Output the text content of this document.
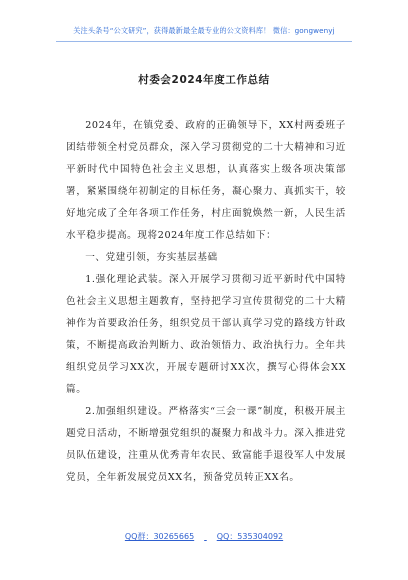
关注头条号“公文研究”，获得最新最全最专业的公文资料库！ 微信：gongwenyj
村委会2024年度工作总结

2024年，在镇党委、政府的正确领导下，XX村两委班子团结带领全村党员群众，深入学习贯彻党的二十大精神和习近平新时代中国特色社会主义思想，认真落实上级各项决策部署，紧紧围绕年初制定的目标任务，凝心聚力、真抓实干，较好地完成了全年各项工作任务，村庄面貌焕然一新，人民生活水平稳步提高。现将2024年度工作总结如下：

一、党建引领，夯实基层基础

1.强化理论武装。深入开展学习贯彻习近平新时代中国特色社会主义思想主题教育，坚持把学习宣传贯彻党的二十大精神作为首要政治任务，组织党员干部认真学习党的路线方针政策，不断提高政治判断力、政治领悟力、政治执行力。全年共组织党员学习XX次，开展专题研讨XX次，撰写心得体会XX篇。

2.加强组织建设。严格落实“三会一课”制度，积极开展主题党日活动，不断增强党组织的凝聚力和战斗力。深入推进党员队伍建设，注重从优秀青年农民、致富能手退役军人中发展党员，全年新发展党员XX名，预备党员转正XX名。

QQ群：30265665	QQ：535304092
